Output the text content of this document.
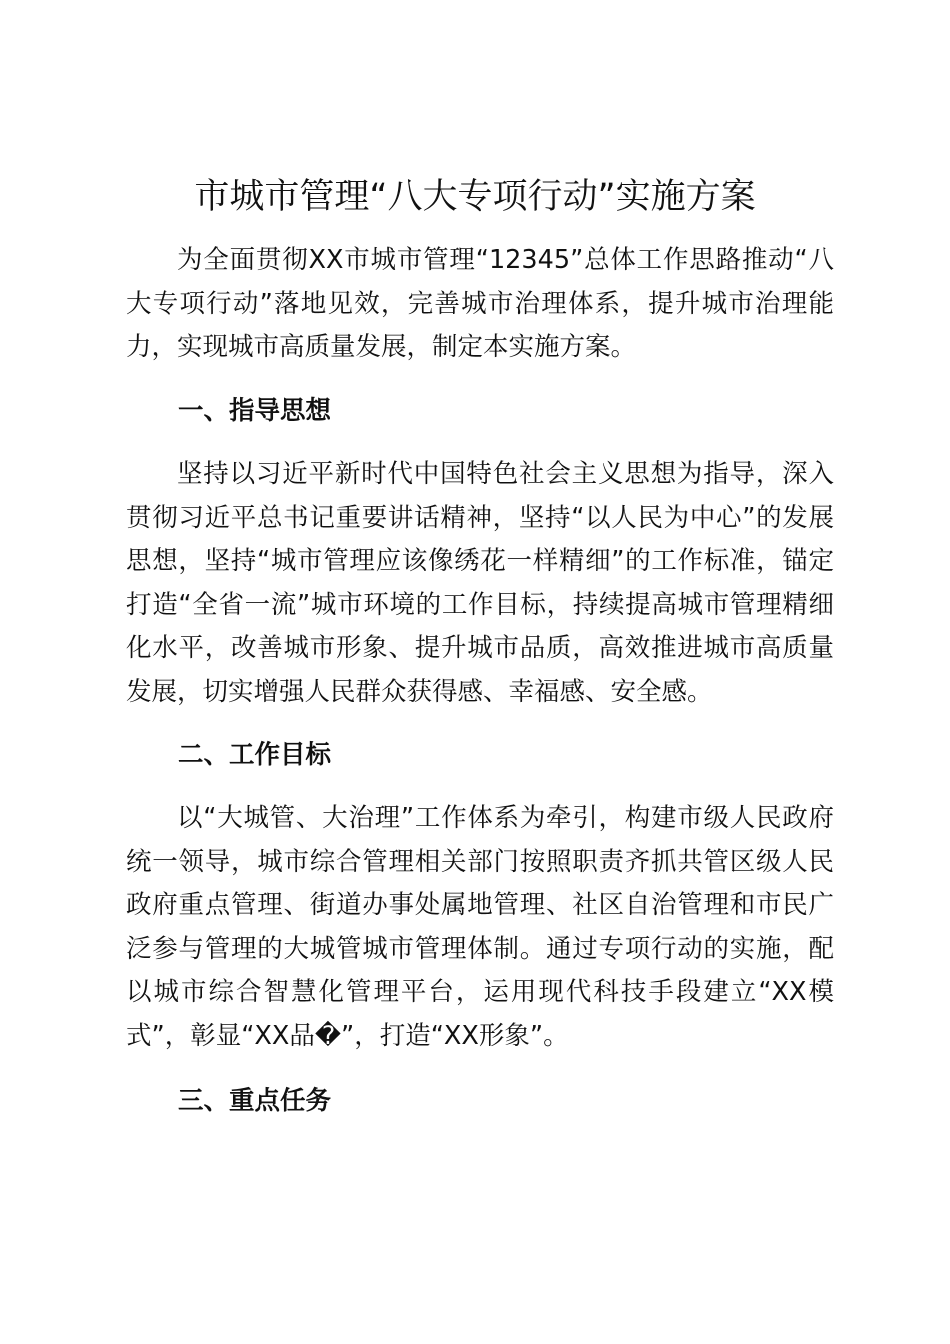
市城市管理“八大专项行动”实施方案

为全面贯彻XX市城市管理“12345”总体工作思路推动“八大专项行动”落地见效，完善城市治理体系，提升城市治理能力，实现城市高质量发展，制定本实施方案。

一、指导思想

坚持以习近平新时代中国特色社会主义思想为指导，深入贯彻习近平总书记重要讲话精神，坚持“以人民为中心”的发展思想，坚持“城市管理应该像绣花一样精细”的工作标准，锚定打造“全省一流”城市环境的工作目标，持续提高城市管理精细化水平，改善城市形象、提升城市品质，高效推进城市高质量发展，切实增强人民群众获得感、幸福感、安全感。

二、工作目标

以“大城管、大治理”工作体系为牵引，构建市级人民政府统一领导，城市综合管理相关部门按照职责齐抓共管区级人民政府重点管理、街道办事处属地管理、社区自治管理和市民广泛参与管理的大城管城市管理体制。通过专项行动的实施，配以城市综合智慧化管理平台，运用现代科技手段建立“XX模式”，彰显“XX品�”，打造“XX形象”。

三、重点任务
